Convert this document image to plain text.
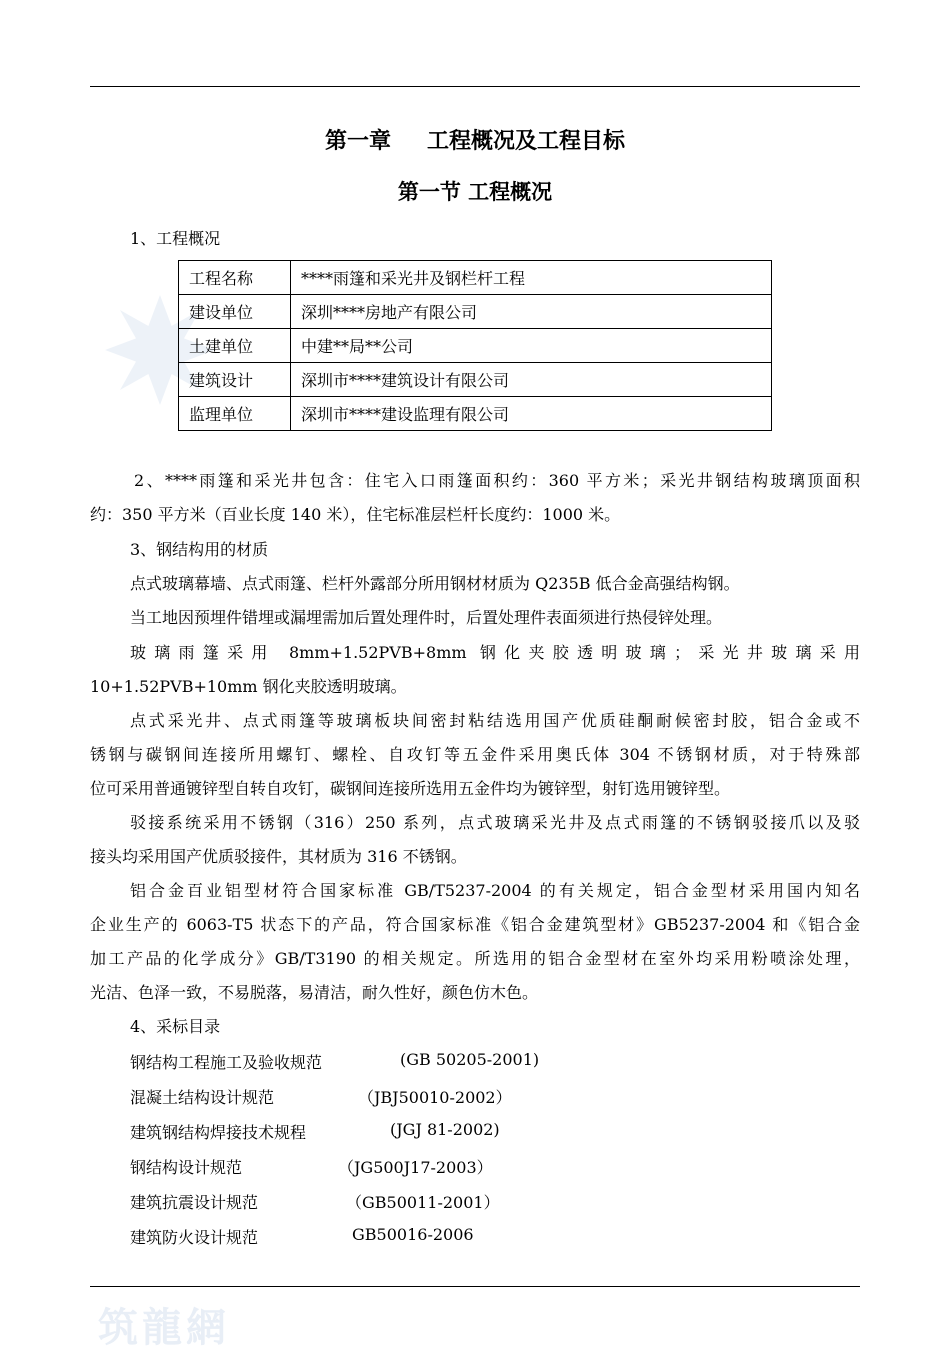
第一章 工程概况及工程目标
第一节 工程概况
1、工程概况
工程名称	****雨篷和采光井及钢栏杆工程
建设单位	深圳****房地产有限公司
土建单位	中建**局**公司
建筑设计	深圳市****建筑设计有限公司
监理单位	深圳市****建设监理有限公司
2、****雨篷和采光井包含：住宅入口雨篷面积约：360 平方米；采光井钢结构玻璃顶面积
约：350 平方米（百业长度 140 米），住宅标准层栏杆长度约：1000 米。
3、钢结构用的材质
点式玻璃幕墙、点式雨篷、栏杆外露部分所用钢材材质为 Q235B 低合金高强结构钢。
当工地因预埋件错埋或漏埋需加后置处理件时，后置处理件表面须进行热侵锌处理。
玻璃雨篷采用 8mm+1.52PVB+8mm 钢化夹胶透明玻璃；采光井玻璃采用
10+1.52PVB+10mm 钢化夹胶透明玻璃。
点式采光井、点式雨篷等玻璃板块间密封粘结选用国产优质硅酮耐候密封胶，铝合金或不
锈钢与碳钢间连接所用螺钉、螺栓、自攻钉等五金件采用奥氏体 304 不锈钢材质，对于特殊部
位可采用普通镀锌型自转自攻钉，碳钢间连接所选用五金件均为镀锌型，射钉选用镀锌型。
驳接系统采用不锈钢（316）250 系列，点式玻璃采光井及点式雨篷的不锈钢驳接爪以及驳
接头均采用国产优质驳接件，其材质为 316 不锈钢。
铝合金百业铝型材符合国家标准 GB/T5237-2004 的有关规定，铝合金型材采用国内知名
企业生产的 6063-T5 状态下的产品，符合国家标准《铝合金建筑型材》GB5237-2004 和《铝合金
加工产品的化学成分》GB/T3190 的相关规定。所选用的铝合金型材在室外均采用粉喷涂处理，
光洁、色泽一致，不易脱落，易清洁，耐久性好，颜色仿木色。
4、采标目录
钢结构工程施工及验收规范	(GB 50205-2001)
混凝土结构设计规范	（JBJ50010-2002）
建筑钢结构焊接技术规程	(JGJ 81-2002)
钢结构设计规范	（JG500J17-2003）
建筑抗震设计规范	（GB50011-2001）
建筑防火设计规范	GB50016-2006
筑龍網
